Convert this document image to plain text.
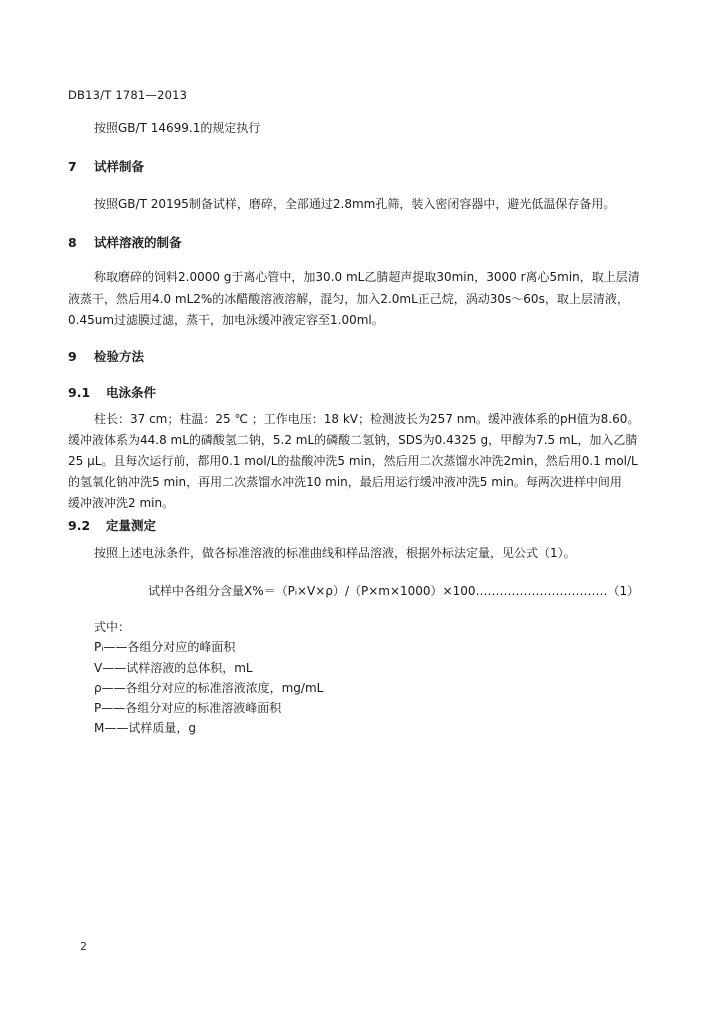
DB13/T 1781—2013
按照GB/T 14699.1的规定执行
7 试样制备
按照GB/T 20195制备试样，磨碎，全部通过2.8mm孔筛，装入密闭容器中，避光低温保存备用。
8 试样溶液的制备
称取磨碎的饲料2.0000 g于离心管中，加30.0 mL乙腈超声提取30min，3000 r离心5min，取上层清
液蒸干，然后用4.0 mL2%的冰醋酸溶液溶解，混匀，加入2.0mL正己烷，涡动30s～60s，取上层清液，
0.45um过滤膜过滤，蒸干，加电泳缓冲液定容至1.00ml。
9 检验方法
9.1 电泳条件
柱长：37 cm；柱温：25 ℃ ；工作电压：18 kV；检测波长为257 nm。缓冲液体系的pH值为8.60。
缓冲液体系为44.8 mL的磷酸氢二钠，5.2 mL的磷酸二氢钠，SDS为0.4325 g，甲醇为7.5 mL，加入乙腈
25 μL。且每次运行前，都用0.1 mol/L的盐酸冲洗5 min，然后用二次蒸馏水冲洗2min，然后用0.1 mol/L
的氢氧化钠冲洗5 min，再用二次蒸馏水冲洗10 min，最后用运行缓冲液冲洗5 min。每两次进样中间用
缓冲液冲洗2 min。
9.2 定量测定
按照上述电泳条件，做各标准溶液的标准曲线和样品溶液，根据外标法定量，见公式（1）。
试样中各组分含量X%＝（Pᵢ×V×ρ）/（P×m×1000）×100……………………………（1）
式中：
Pᵢ——各组分对应的峰面积
V——试样溶液的总体积，mL
ρ——各组分对应的标准溶液浓度，mg/mL
P——各组分对应的标准溶液峰面积
M——试样质量，g
2
